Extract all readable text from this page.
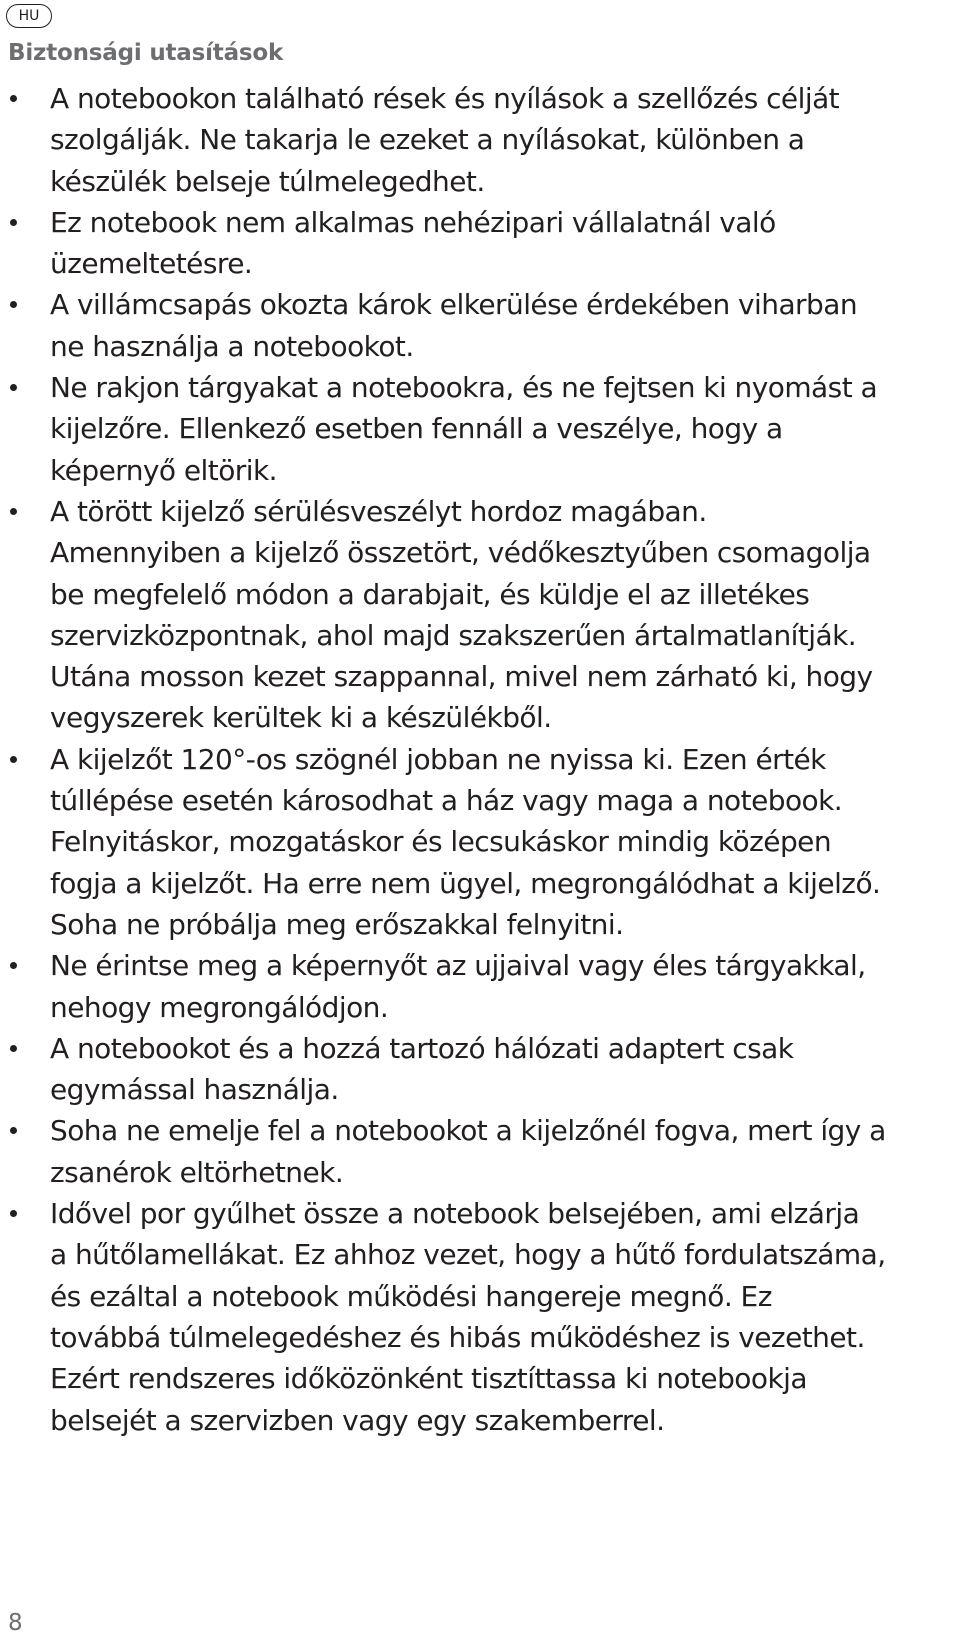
HU
Biztonsági utasítások
A notebookon található rések és nyílások a szellőzés célját
szolgálják. Ne takarja le ezeket a nyílásokat, különben a
készülék belseje túlmelegedhet.
Ez notebook nem alkalmas nehézipari vállalatnál való
üzemeltetésre.
A villámcsapás okozta károk elkerülése érdekében viharban
ne használja a notebookot.
Ne rakjon tárgyakat a notebookra, és ne fejtsen ki nyomást a
kijelzőre. Ellenkező esetben fennáll a veszélye, hogy a
képernyő eltörik.
A törött kijelző sérülésveszélyt hordoz magában.
Amennyiben a kijelző összetört, védőkesztyűben csomagolja
be megfelelő módon a darabjait, és küldje el az illetékes
szervizközpontnak, ahol majd szakszerűen ártalmatlanítják.
Utána mosson kezet szappannal, mivel nem zárható ki, hogy
vegyszerek kerültek ki a készülékből.
A kijelzőt 120°-os szögnél jobban ne nyissa ki. Ezen érték
túllépése esetén károsodhat a ház vagy maga a notebook.
Felnyitáskor, mozgatáskor és lecsukáskor mindig középen
fogja a kijelzőt. Ha erre nem ügyel, megrongálódhat a kijelző.
Soha ne próbálja meg erőszakkal felnyitni.
Ne érintse meg a képernyőt az ujjaival vagy éles tárgyakkal,
nehogy megrongálódjon.
A notebookot és a hozzá tartozó hálózati adaptert csak
egymással használja.
Soha ne emelje fel a notebookot a kijelzőnél fogva, mert így a
zsanérok eltörhetnek.
Idővel por gyűlhet össze a notebook belsejében, ami elzárja
a hűtőlamellákat. Ez ahhoz vezet, hogy a hűtő fordulatszáma,
és ezáltal a notebook működési hangereje megnő. Ez
továbbá túlmelegedéshez és hibás működéshez is vezethet.
Ezért rendszeres időközönként tisztíttassa ki notebookja
belsejét a szervizben vagy egy szakemberrel.
8
